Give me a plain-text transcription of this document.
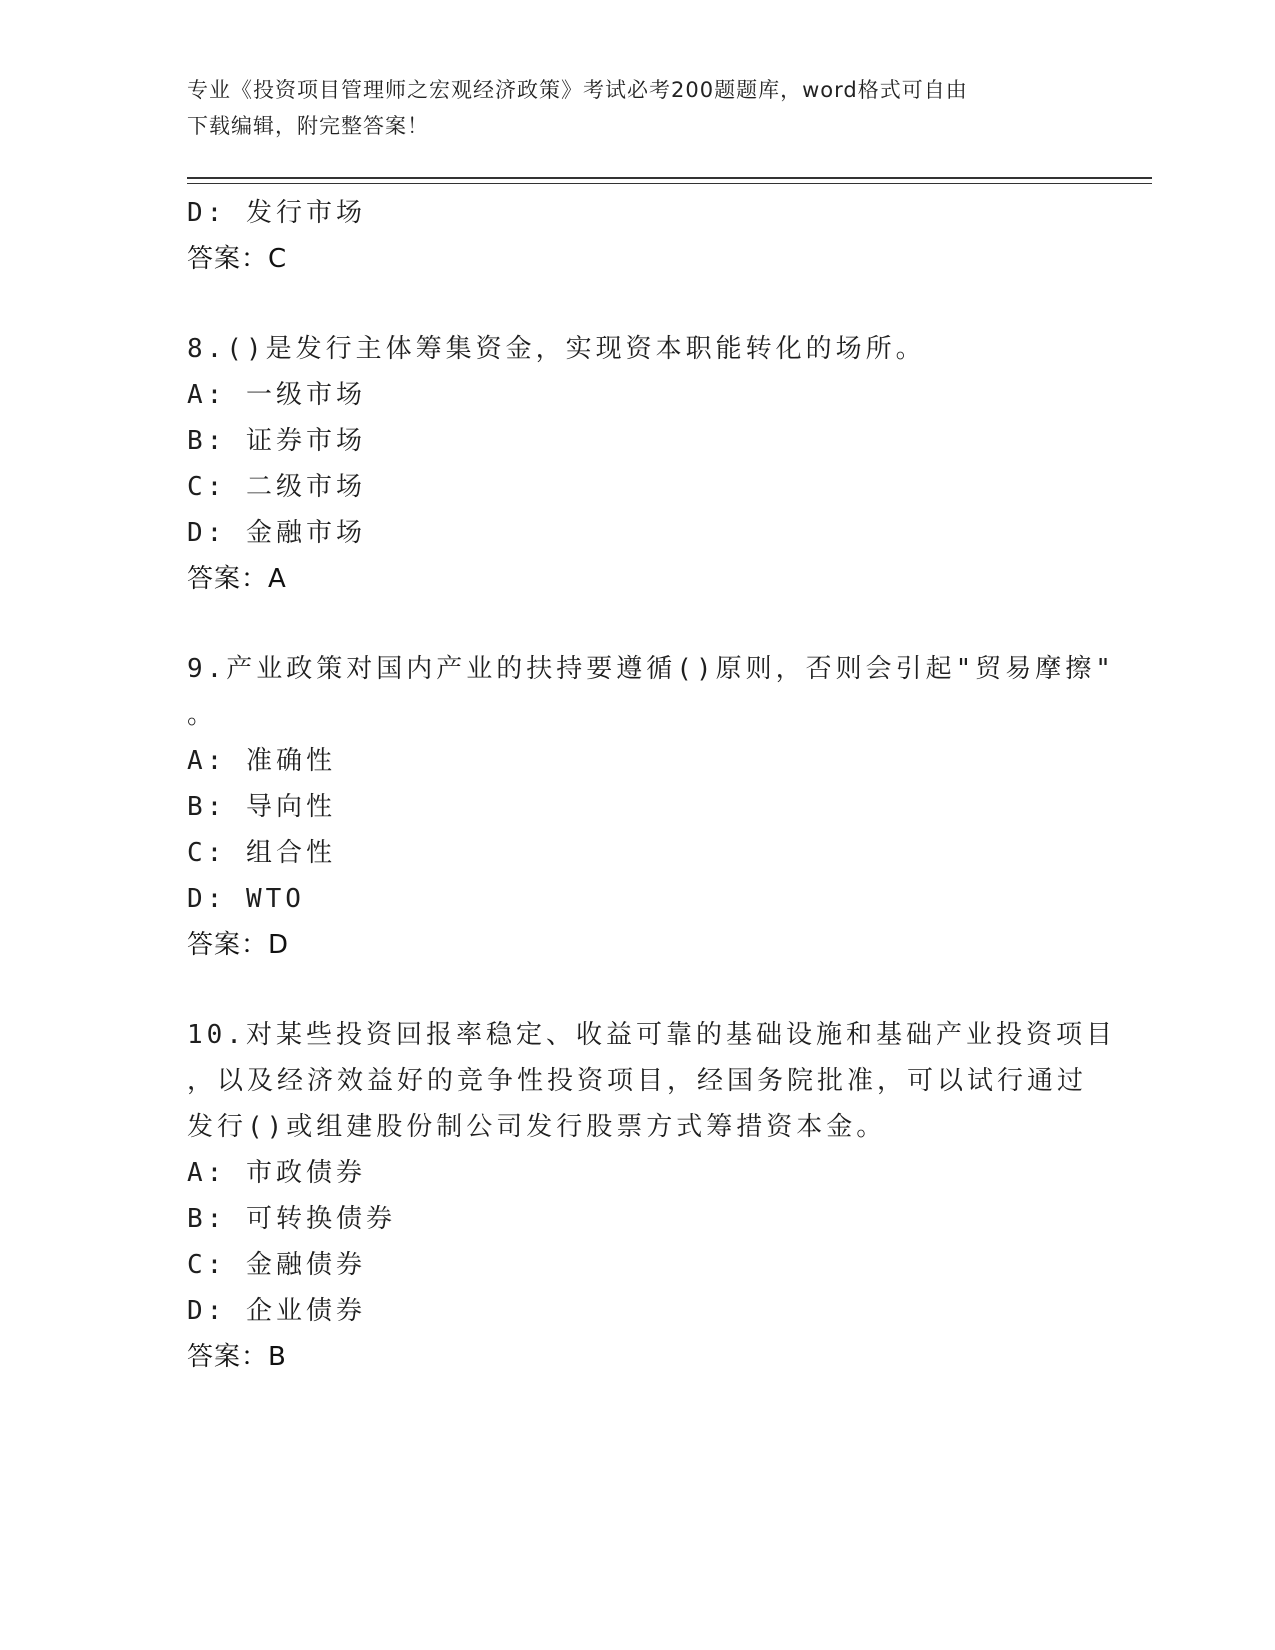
专业《投资项目管理师之宏观经济政策》考试必考200题题库，word格式可自由
下载编辑，附完整答案！
D: 发行市场
答案：C
8.()是发行主体筹集资金，实现资本职能转化的场所。
A: 一级市场
B: 证券市场
C: 二级市场
D: 金融市场
答案：A
9.产业政策对国内产业的扶持要遵循()原则，否则会引起"贸易摩擦"
。
A: 准确性
B: 导向性
C: 组合性
D: WTO
答案：D
10.对某些投资回报率稳定、收益可靠的基础设施和基础产业投资项目
，以及经济效益好的竞争性投资项目，经国务院批准，可以试行通过
发行()或组建股份制公司发行股票方式筹措资本金。
A: 市政债券
B: 可转换债券
C: 金融债券
D: 企业债券
答案：B
